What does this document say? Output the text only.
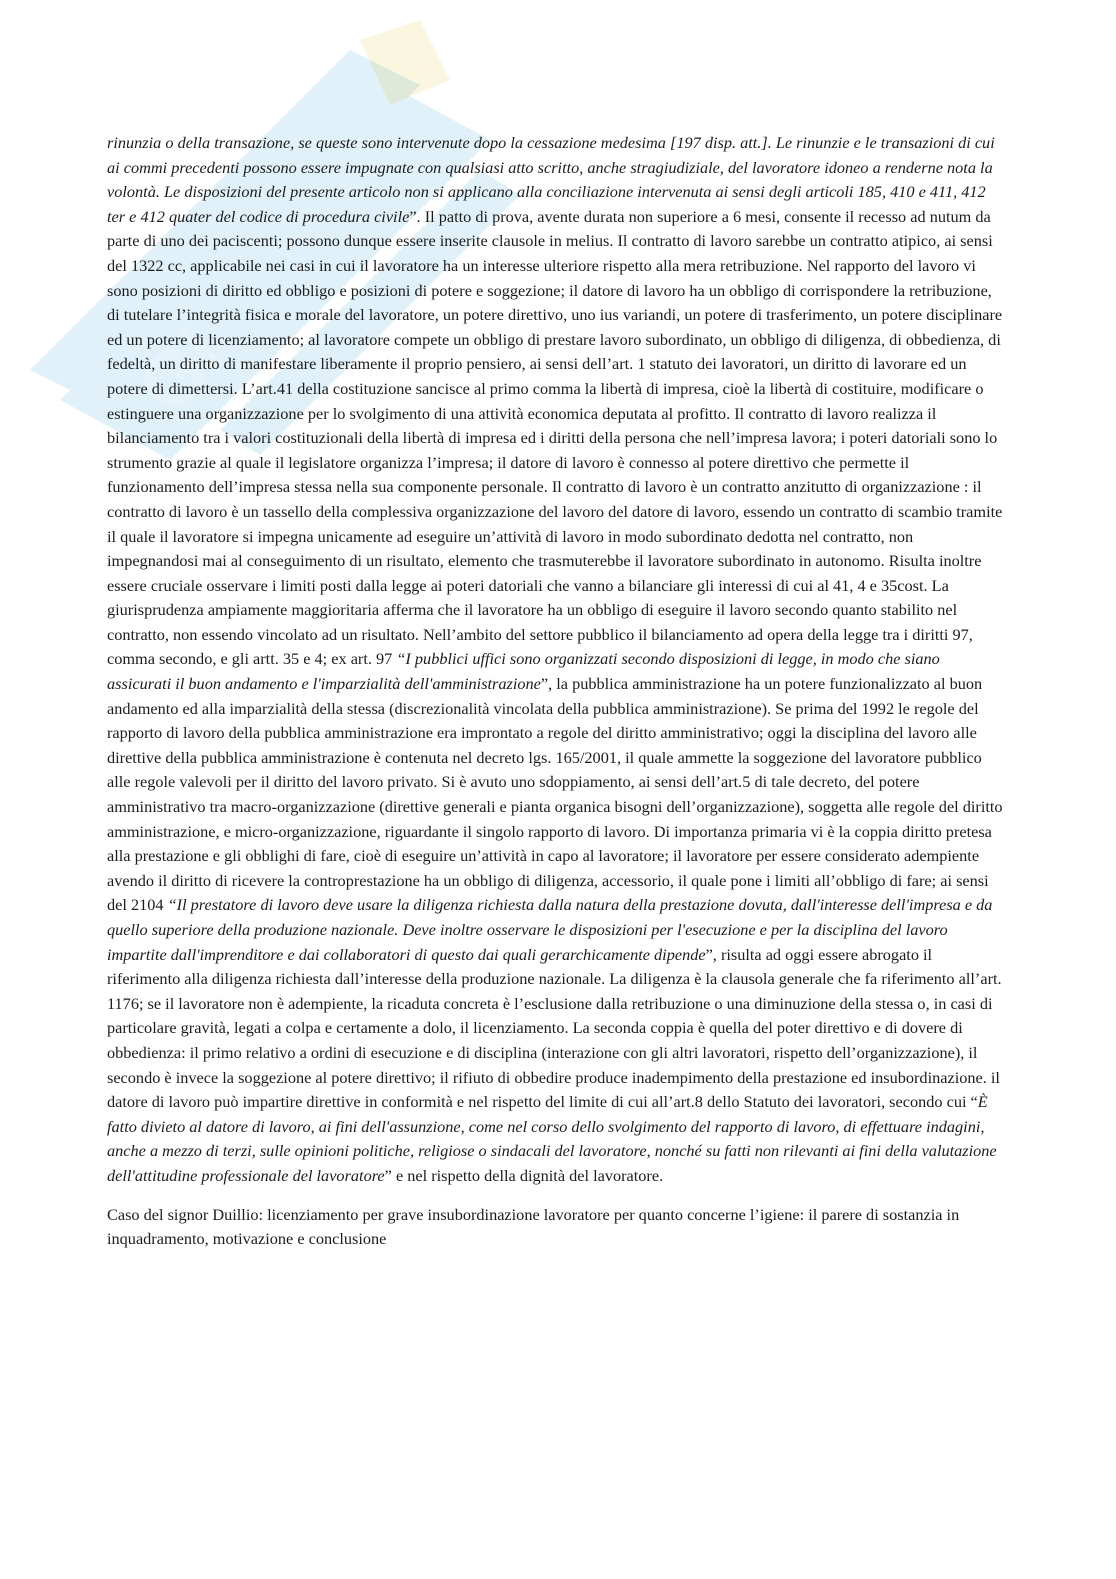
Gi

rinunzia o della transazione, se queste sono intervenute dopo la cessazione medesima [197 disp. att.]. Le rinunzie e le transazioni di cui ai commi precedenti possono essere impugnate con qualsiasi atto scritto, anche stragiudiziale, del lavoratore idoneo a renderne nota la volontà. Le disposizioni del presente articolo non si applicano alla conciliazione intervenuta ai sensi degli articoli 185, 410 e 411, 412 ter e 412 quater del codice di procedura civile”. Il patto di prova, avente durata non superiore a 6 mesi, consente il recesso ad nutum da parte di uno dei paciscenti; possono dunque essere inserite clausole in melius. Il contratto di lavoro sarebbe un contratto atipico, ai sensi del 1322 cc, applicabile nei casi in cui il lavoratore ha un interesse ulteriore rispetto alla mera retribuzione. Nel rapporto del lavoro vi sono posizioni di diritto ed obbligo e posizioni di potere e soggezione; il datore di lavoro ha un obbligo di corrispondere la retribuzione, di tutelare l’integrità fisica e morale del lavoratore, un potere direttivo, uno ius variandi, un potere di trasferimento, un potere disciplinare ed un potere di licenziamento; al lavoratore compete un obbligo di prestare lavoro subordinato, un obbligo di diligenza, di obbedienza, di fedeltà, un diritto di manifestare liberamente il proprio pensiero, ai sensi dell’art. 1 statuto dei lavoratori, un diritto di lavorare ed un potere di dimettersi. L’art.41 della costituzione sancisce al primo comma la libertà di impresa, cioè la libertà di costituire, modificare o estinguere una organizzazione per lo svolgimento di una attività economica deputata al profitto. Il contratto di lavoro realizza il bilanciamento tra i valori costituzionali della libertà di impresa ed i diritti della persona che nell’impresa lavora; i poteri datoriali sono lo strumento grazie al quale il legislatore organizza l’impresa; il datore di lavoro è connesso al potere direttivo che permette il funzionamento dell’impresa stessa nella sua componente personale. Il contratto di lavoro è un contratto anzitutto di organizzazione : il contratto di lavoro è un tassello della complessiva organizzazione del lavoro del datore di lavoro, essendo un contratto di scambio tramite il quale il lavoratore si impegna unicamente ad eseguire un’attività di lavoro in modo subordinato dedotta nel contratto, non impegnandosi mai al conseguimento di un risultato, elemento che trasmuterebbe il lavoratore subordinato in autonomo. Risulta inoltre essere cruciale osservare i limiti posti dalla legge ai poteri datoriali che vanno a bilanciare gli interessi di cui al 41, 4 e 35cost. La giurisprudenza ampiamente maggioritaria afferma che il lavoratore ha un obbligo di eseguire il lavoro secondo quanto stabilito nel contratto, non essendo vincolato ad un risultato. Nell’ambito del settore pubblico il bilanciamento ad opera della legge tra i diritti 97, comma secondo, e gli artt. 35 e 4; ex art. 97 “I pubblici uffici sono organizzati secondo disposizioni di legge, in modo che siano assicurati il buon andamento e l'imparzialità dell'amministrazione”, la pubblica amministrazione ha un potere funzionalizzato al buon andamento ed alla imparzialità della stessa (discrezionalità vincolata della pubblica amministrazione). Se prima del 1992 le regole del rapporto di lavoro della pubblica amministrazione era improntato a regole del diritto amministrativo; oggi la disciplina del lavoro alle direttive della pubblica amministrazione è contenuta nel decreto lgs. 165/2001, il quale ammette la soggezione del lavoratore pubblico alle regole valevoli per il diritto del lavoro privato. Si è avuto uno sdoppiamento, ai sensi dell’art.5 di tale decreto, del potere amministrativo tra macro-organizzazione (direttive generali e pianta organica bisogni dell’organizzazione), soggetta alle regole del diritto amministrazione, e micro-organizzazione, riguardante il singolo rapporto di lavoro. Di importanza primaria vi è la coppia diritto pretesa alla prestazione e gli obblighi di fare, cioè di eseguire un’attività in capo al lavoratore; il lavoratore per essere considerato adempiente avendo il diritto di ricevere la controprestazione ha un obbligo di diligenza, accessorio, il quale pone i limiti all’obbligo di fare; ai sensi del 2104 “Il prestatore di lavoro deve usare la diligenza richiesta dalla natura della prestazione dovuta, dall'interesse dell'impresa e da quello superiore della produzione nazionale. Deve inoltre osservare le disposizioni per l'esecuzione e per la disciplina del lavoro impartite dall'imprenditore e dai collaboratori di questo dai quali gerarchicamente dipende”, risulta ad oggi essere abrogato il riferimento alla diligenza richiesta dall’interesse della produzione nazionale. La diligenza è la clausola generale che fa riferimento all’art. 1176; se il lavoratore non è adempiente, la ricaduta concreta è l’esclusione dalla retribuzione o una diminuzione della stessa o, in casi di particolare gravità, legati a colpa e certamente a dolo, il licenziamento. La seconda coppia è quella del poter direttivo e di dovere di obbedienza: il primo relativo a ordini di esecuzione e di disciplina (interazione con gli altri lavoratori, rispetto dell’organizzazione), il secondo è invece la soggezione al potere direttivo; il rifiuto di obbedire produce inadempimento della prestazione ed insubordinazione. il datore di lavoro può impartire direttive in conformità e nel rispetto del limite di cui all’art.8 dello Statuto dei lavoratori, secondo cui “È fatto divieto al datore di lavoro, ai fini dell'assunzione, come nel corso dello svolgimento del rapporto di lavoro, di effettuare indagini, anche a mezzo di terzi, sulle opinioni politiche, religiose o sindacali del lavoratore, nonché su fatti non rilevanti ai fini della valutazione dell'attitudine professionale del lavoratore” e nel rispetto della dignità del lavoratore.

Caso del signor Duillio: licenziamento per grave insubordinazione lavoratore per quanto concerne l’igiene: il parere di sostanzia in inquadramento, motivazione e conclusione
